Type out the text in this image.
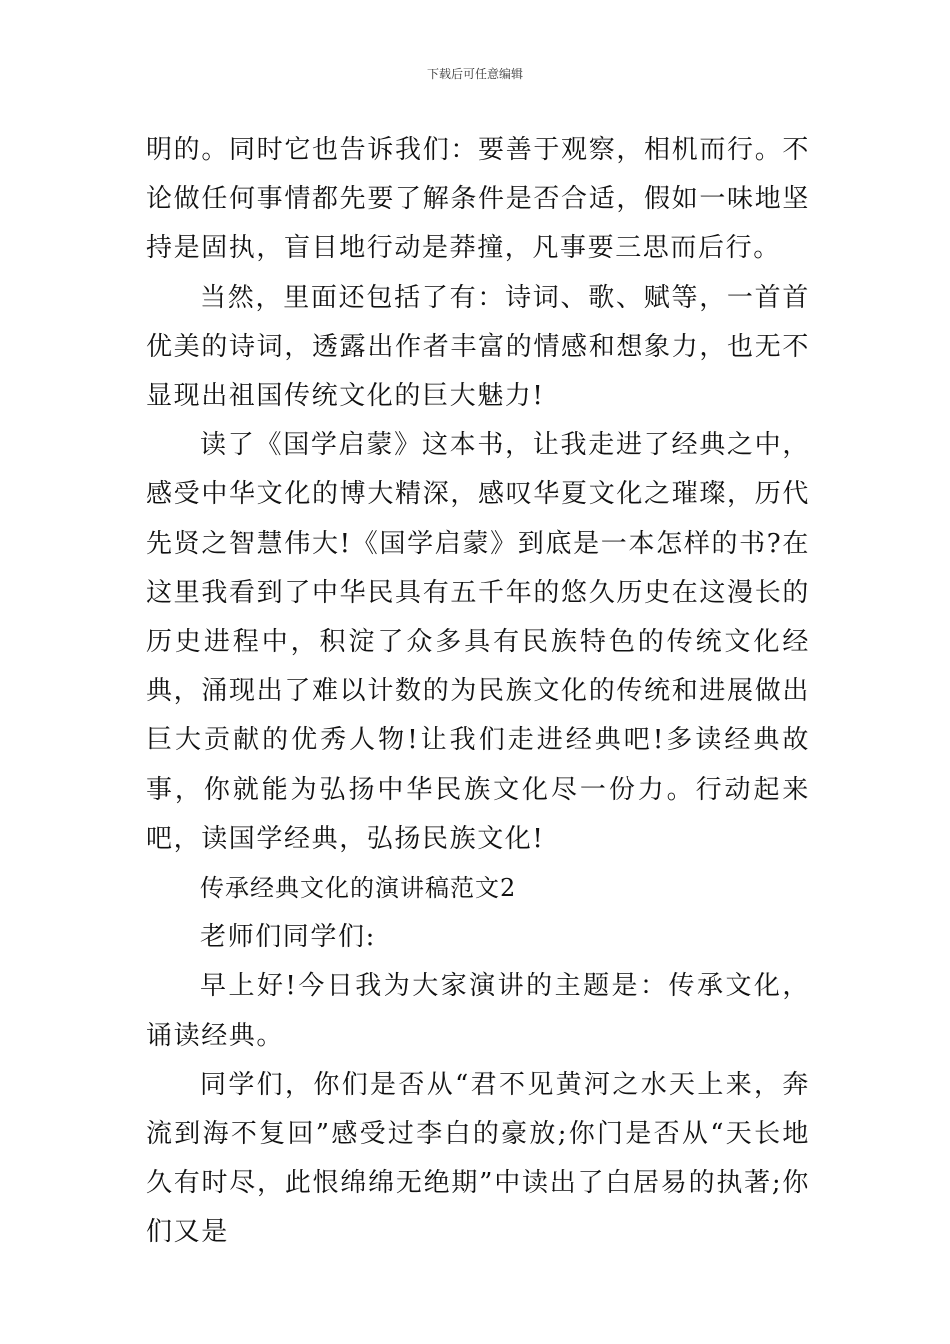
下载后可任意编辑

明的。同时它也告诉我们：要善于观察，相机而行。不论做任何事情都先要了解条件是否合适，假如一味地坚持是固执，盲目地行动是莽撞，凡事要三思而后行。

当然，里面还包括了有：诗词、歌、赋等，一首首优美的诗词，透露出作者丰富的情感和想象力，也无不显现出祖国传统文化的巨大魅力!

读了《国学启蒙》这本书，让我走进了经典之中，感受中华文化的博大精深，感叹华夏文化之璀璨，历代先贤之智慧伟大!《国学启蒙》到底是一本怎样的书?在这里我看到了中华民具有五千年的悠久历史在这漫长的历史进程中，积淀了众多具有民族特色的传统文化经典，涌现出了难以计数的为民族文化的传统和进展做出巨大贡献的优秀人物!让我们走进经典吧!多读经典故事，你就能为弘扬中华民族文化尽一份力。行动起来吧，读国学经典，弘扬民族文化!

传承经典文化的演讲稿范文2

老师们同学们:

早上好!今日我为大家演讲的主题是：传承文化，诵读经典。

同学们，你们是否从“君不见黄河之水天上来，奔流到海不复回”感受过李白的豪放;你门是否从“天长地久有时尽，此恨绵绵无绝期”中读出了白居易的执著;你们又是
